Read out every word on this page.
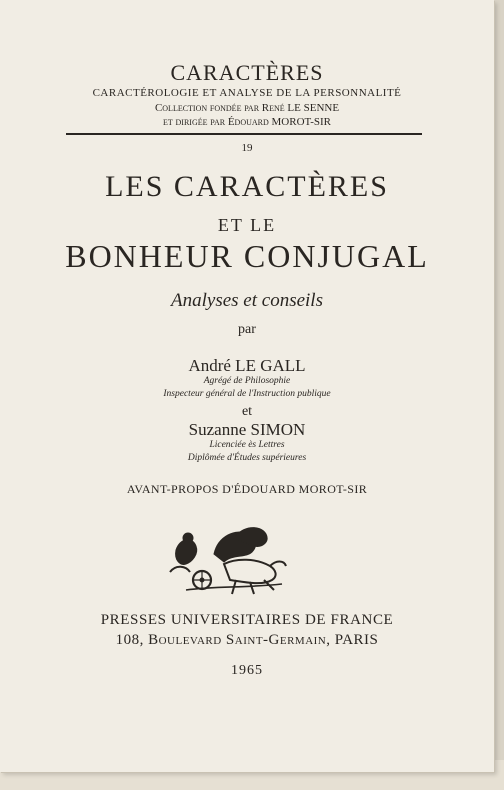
CARACTÈRES
CARACTÉROLOGIE ET ANALYSE DE LA PERSONNALITÉ
Collection fondée par René LE SENNE
et dirigée par Édouard MOROT-SIR
19
LES CARACTÈRES
ET LE
BONHEUR CONJUGAL
Analyses et conseils
par
André LE GALL
Agrégé de Philosophie
Inspecteur général de l'Instruction publique
et
Suzanne SIMON
Licenciée ès Lettres
Diplômée d'Études supérieures
AVANT-PROPOS D'ÉDOUARD MOROT-SIR
PRESSES UNIVERSITAIRES DE FRANCE
108, Boulevard Saint-Germain, PARIS
1965
